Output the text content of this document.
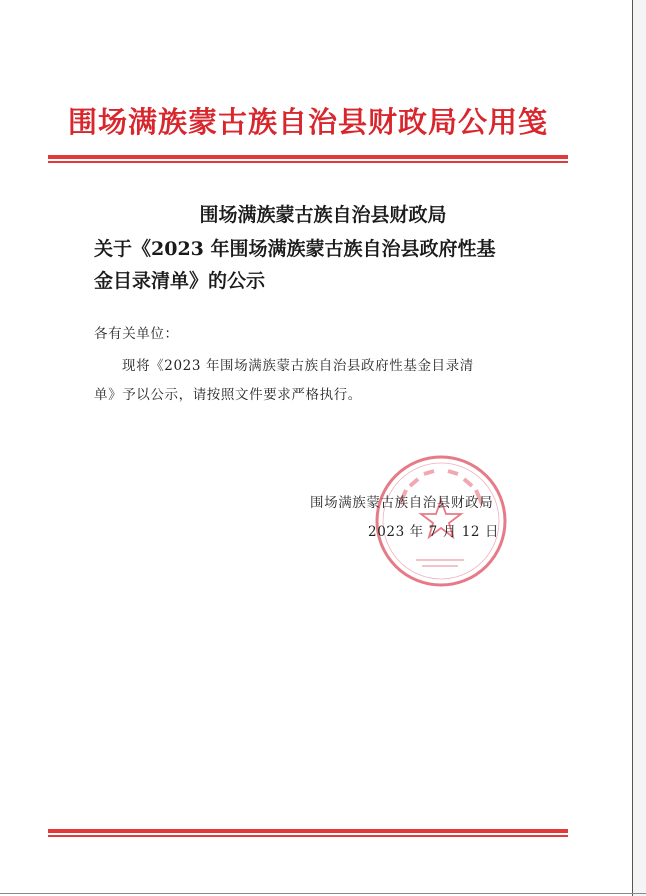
围场满族蒙古族自治县财政局公用笺
围场满族蒙古族自治县财政局
关于《2023 年围场满族蒙古族自治县政府性基
金目录清单》的公示
各有关单位：
现将《2023 年围场满族蒙古族自治县政府性基金目录清
单》予以公示，请按照文件要求严格执行。
围场满族蒙古族自治县财政局
2023 年 7 月 12 日
